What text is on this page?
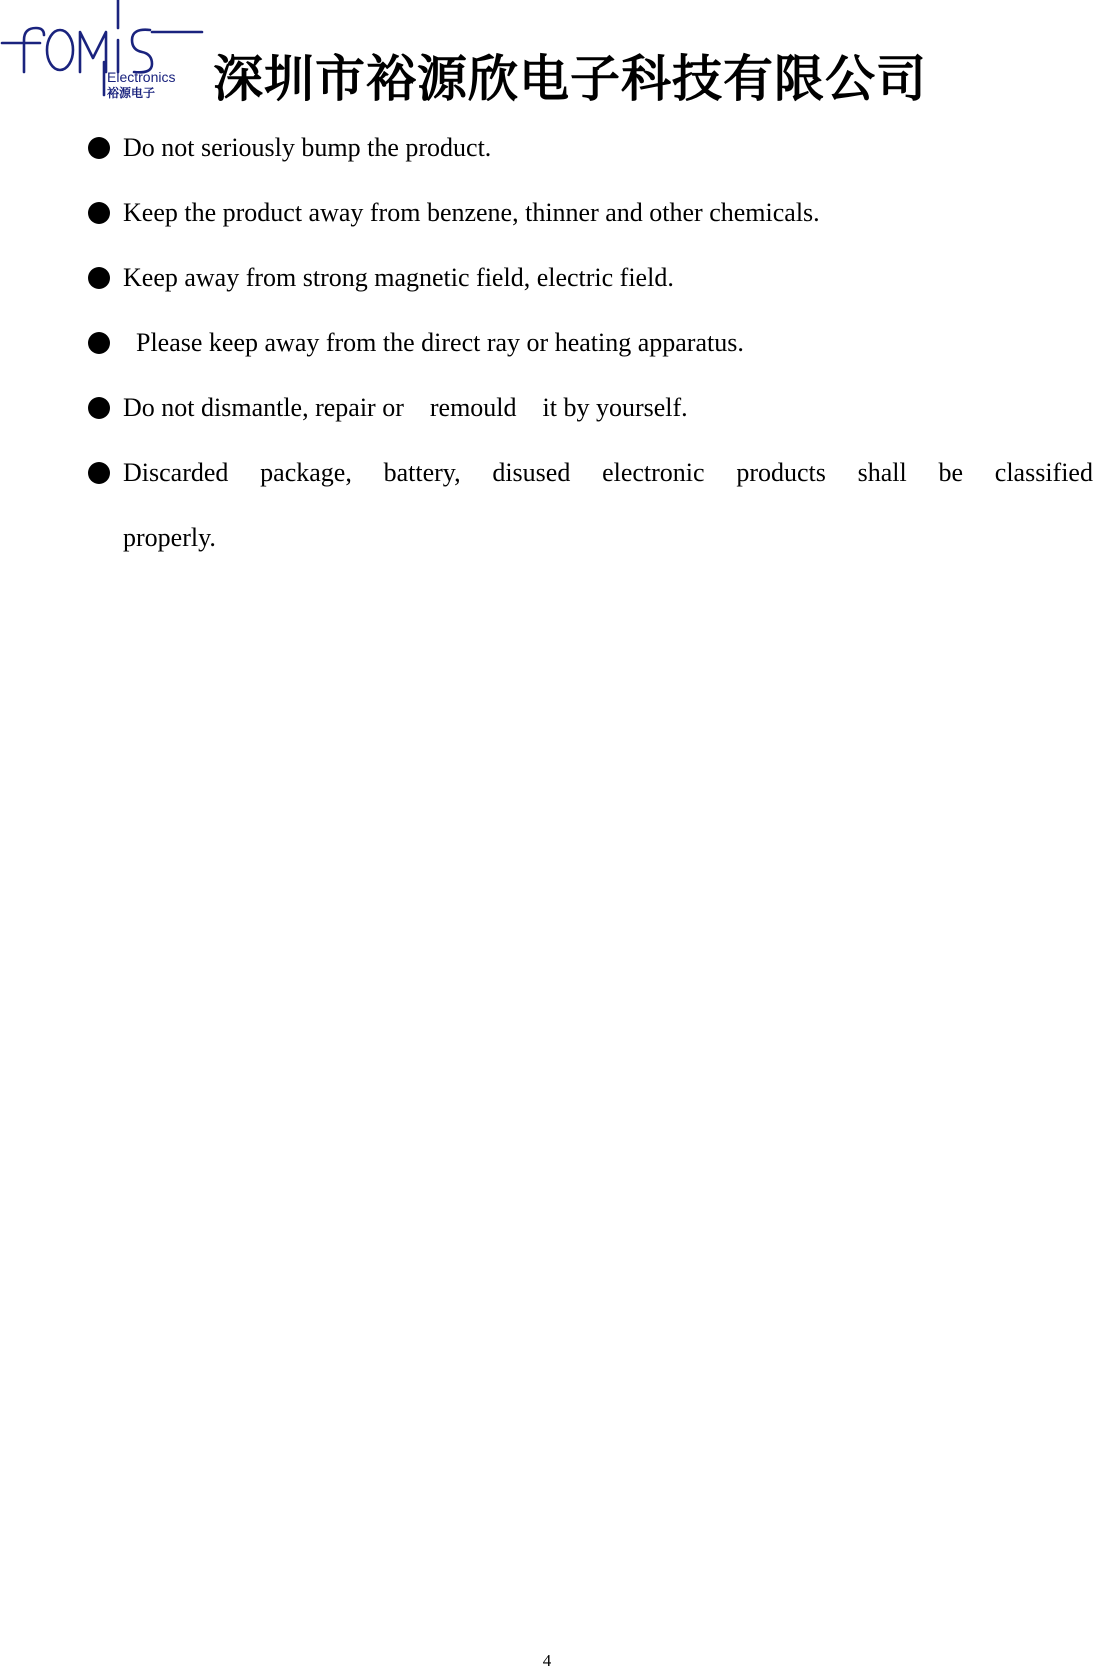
Electronics
裕源电子 深圳市裕源欣电子科技有限公司
Do not seriously bump the product.
Keep the product away from benzene, thinner and other chemicals.
Keep away from strong magnetic field, electric field.
Please keep away from the direct ray or heating apparatus.
Do not dismantle, repair or    remould    it by yourself.
Discarded package, battery, disused electronic products shall be classified
properly.
4
